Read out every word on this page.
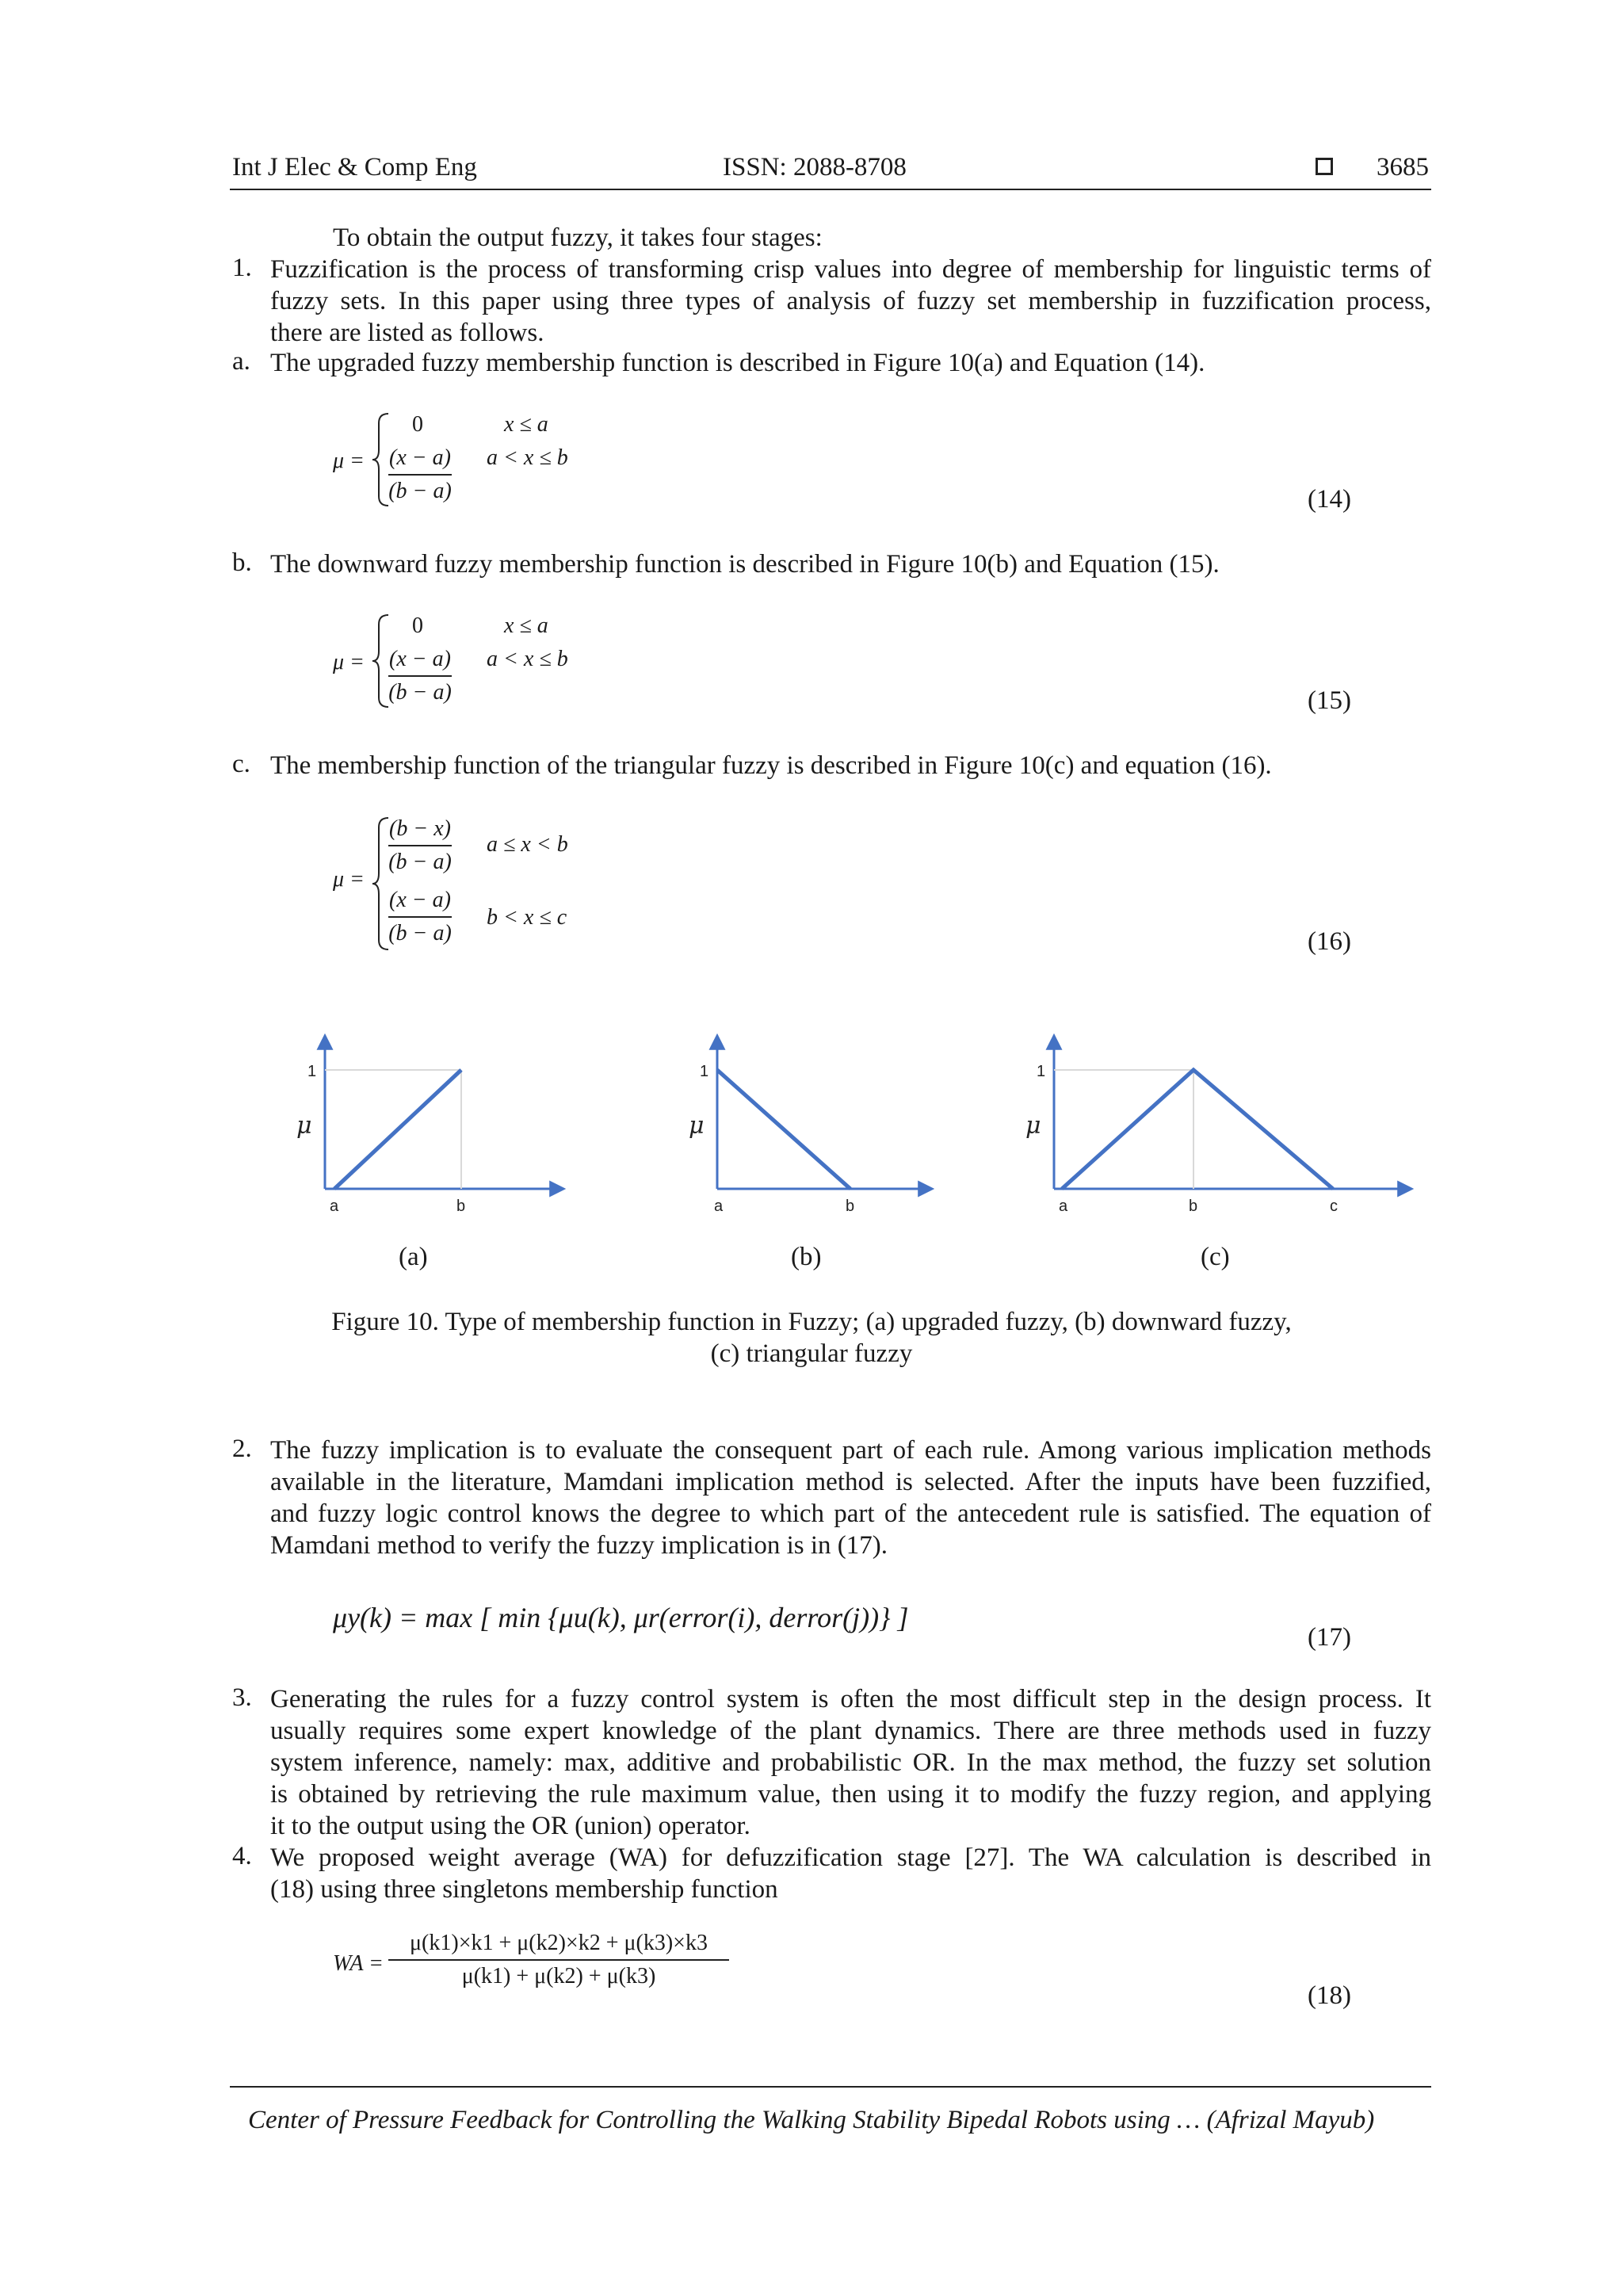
Int J Elec & Comp Eng	ISSN: 2088-8708	3685
To obtain the output fuzzy, it takes four stages:
1. Fuzzification is the process of transforming crisp values into degree of membership for linguistic terms of
fuzzy sets. In this paper using three types of analysis of fuzzy set membership in fuzzification process,
there are listed as follows.
a. The upgraded fuzzy membership function is described in Figure 10(a) and Equation (14).
μ =
0
(x − a)
(b − a)
x ≤ a
a < x ≤ b
(14)
b. The downward fuzzy membership function is described in Figure 10(b) and Equation (15).
μ =
0
(x − a)
(b − a)
x ≤ a
a < x ≤ b
(15)
c. The membership function of the triangular fuzzy is described in Figure 10(c) and equation (16).
μ =
(b − x)
(b − a)
(x − a)
(b − a)
a ≤ x < b
b < x ≤ c
(16)
1
μ
a	b
(a)
1
μ
a	b
(b)
1
μ
a	b	c
(c)
Figure 10. Type of membership function in Fuzzy; (a) upgraded fuzzy, (b) downward fuzzy,
(c) triangular fuzzy
2. The fuzzy implication is to evaluate the consequent part of each rule. Among various implication methods
available in the literature, Mamdani implication method is selected. After the inputs have been fuzzified,
and fuzzy logic control knows the degree to which part of the antecedent rule is satisfied. The equation of
Mamdani method to verify the fuzzy implication is in (17).
μy(k) = max [ min {μu(k), μr(error(i), derror(j))} ]
(17)
3. Generating the rules for a fuzzy control system is often the most difficult step in the design process. It
usually requires some expert knowledge of the plant dynamics. There are three methods used in fuzzy
system inference, namely: max, additive and probabilistic OR. In the max method, the fuzzy set solution
is obtained by retrieving the rule maximum value, then using it to modify the fuzzy region, and applying
it to the output using the OR (union) operator.
4. We proposed weight average (WA) for defuzzification stage [27]. The WA calculation is described in
(18) using three singletons membership function
WA =
μ(k1)×k1 + μ(k2)×k2 + μ(k3)×k3
μ(k1) + μ(k2) + μ(k3)
(18)
Center of Pressure Feedback for Controlling the Walking Stability Bipedal Robots using … (Afrizal Mayub)
